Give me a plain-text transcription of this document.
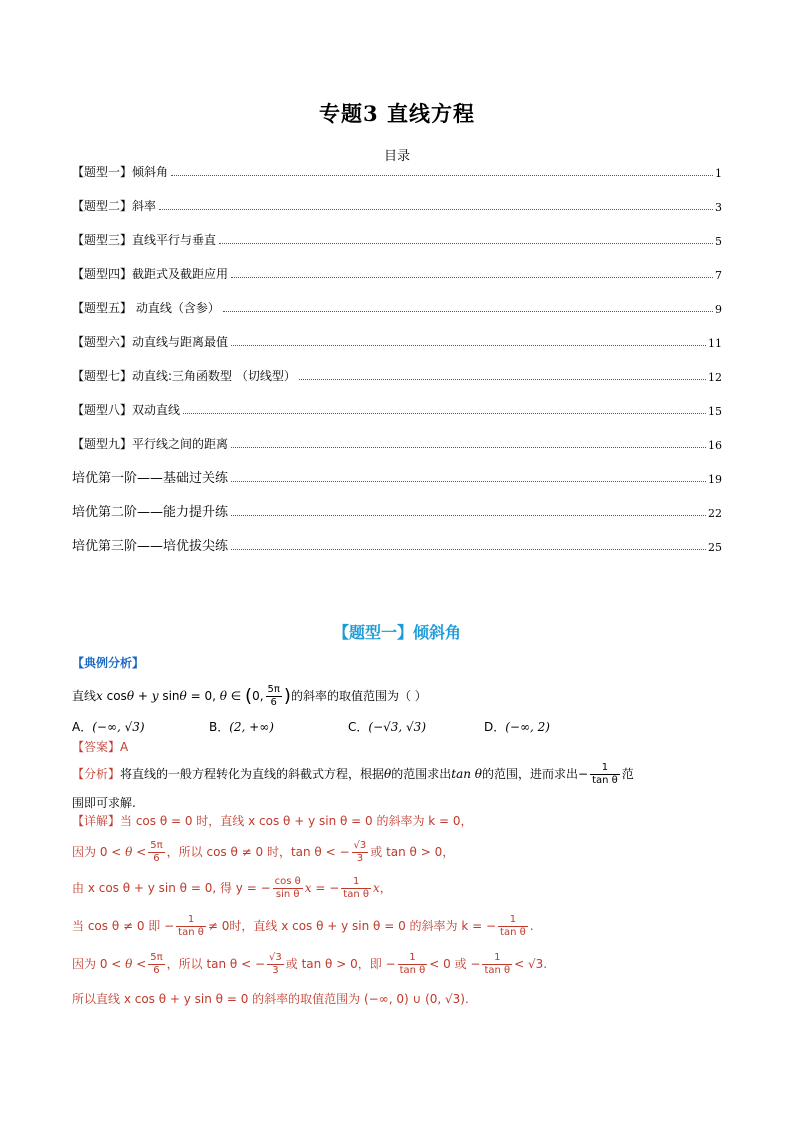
专题3 直线方程
目录
【题型一】倾斜角	1
【题型二】斜率	3
【题型三】直线平行与垂直	5
【题型四】截距式及截距应用	7
【题型五】 动直线（含参）	9
【题型六】动直线与距离最值	11
【题型七】动直线:三角函数型 （切线型）	12
【题型八】双动直线	15
【题型九】平行线之间的距离	16
培优第一阶——基础过关练	19
培优第二阶——能力提升练	22
培优第三阶——培优拔尖练	25
【题型一】倾斜角
【典例分析】
直线x cosθ + y sinθ = 0, θ ∈ (0, $\frac{5\pi}{6}$ )的斜率的取值范围为（ ）
A．(−∞, √3)	B．(2, +∞)	C．(−√3, √3)	D．(−∞, 2)
【答案】A
【分析】将直线的一般方程转化为直线的斜截式方程，根据θ的范围求出tan θ的范围，进而求出− $\frac{1}{\text{tan θ}}$ 范
围即可求解.
【详解】当 cos θ = 0 时，直线 x cos θ + y sin θ = 0 的斜率为 k = 0，
因为 $0 < \theta < \frac{5\pi}{6}$ ，所以 cos θ ≠ 0 时，tan θ < − $\frac{√3}{3}$ 或 tan θ > 0，
由 x cos θ + y sin θ = 0, 得 y = − $\frac{\text{cos θ}}{\text{sin θ}}$ x = − $\frac{1}{\text{tan θ}}$ x，
当 cos θ ≠ 0 即 − $\frac{1}{\text{tan θ}} \ne 0$时，直线 x cos θ + y sin θ = 0 的斜率为 k = − $\frac{1}{\text{tan θ}}$ .
因为 $0 < \theta < \frac{5\pi}{6}$ ，所以 tan θ < − $\frac{√3}{3}$ 或 tan θ > 0，即 − $\frac{1}{\text{tan θ}} < 0$ 或 − $\frac{1}{\text{tan θ}} < √3$.
所以直线 x cos θ + y sin θ = 0 的斜率的取值范围为 (−∞, 0) ∪ (0, √3).
